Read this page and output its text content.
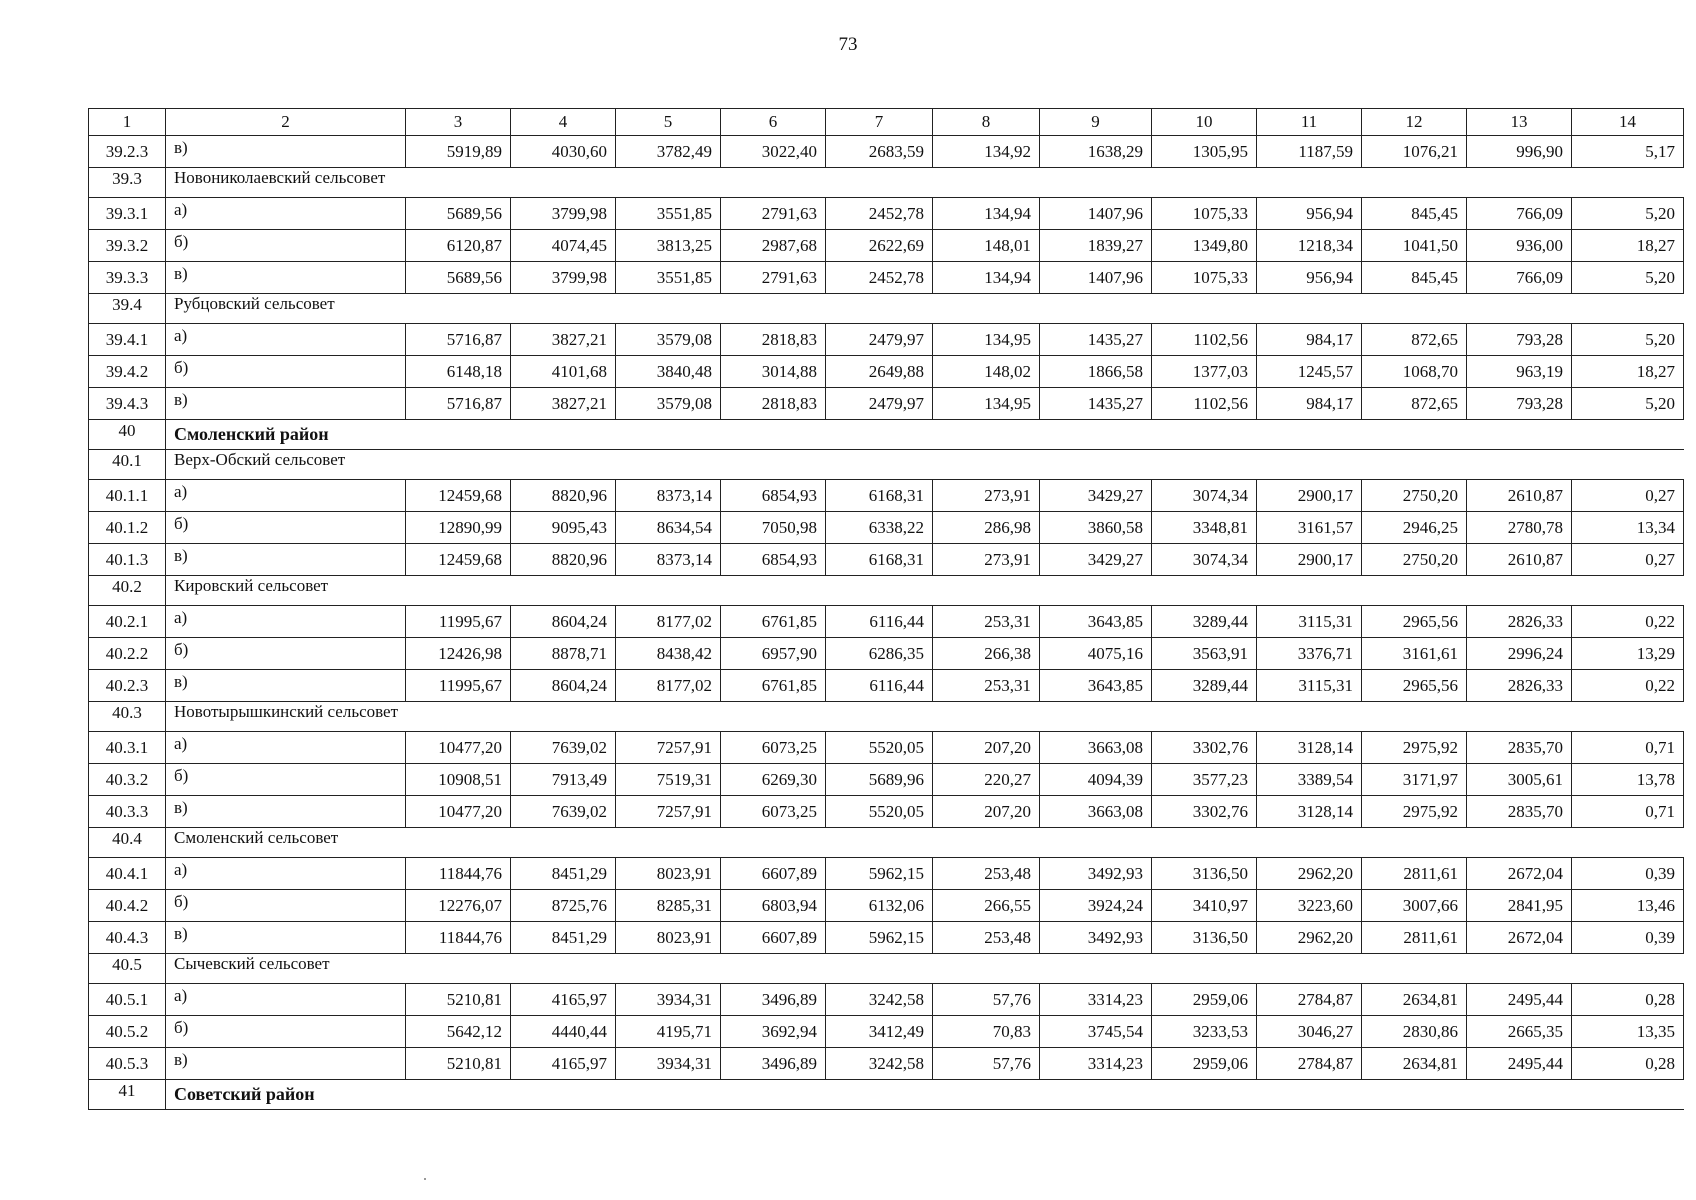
73
1	2	3	4	5	6	7	8	9	10	11	12	13	14
39.2.3	в)	5919,89	4030,60	3782,49	3022,40	2683,59	134,92	1638,29	1305,95	1187,59	1076,21	996,90	5,17
39.3	Новониколаевский сельсовет												
39.3.1	а)	5689,56	3799,98	3551,85	2791,63	2452,78	134,94	1407,96	1075,33	956,94	845,45	766,09	5,20
39.3.2	б)	6120,87	4074,45	3813,25	2987,68	2622,69	148,01	1839,27	1349,80	1218,34	1041,50	936,00	18,27
39.3.3	в)	5689,56	3799,98	3551,85	2791,63	2452,78	134,94	1407,96	1075,33	956,94	845,45	766,09	5,20
39.4	Рубцовский сельсовет												
39.4.1	а)	5716,87	3827,21	3579,08	2818,83	2479,97	134,95	1435,27	1102,56	984,17	872,65	793,28	5,20
39.4.2	б)	6148,18	4101,68	3840,48	3014,88	2649,88	148,02	1866,58	1377,03	1245,57	1068,70	963,19	18,27
39.4.3	в)	5716,87	3827,21	3579,08	2818,83	2479,97	134,95	1435,27	1102,56	984,17	872,65	793,28	5,20
40	Смоленский район												
40.1	Верх-Обский сельсовет												
40.1.1	а)	12459,68	8820,96	8373,14	6854,93	6168,31	273,91	3429,27	3074,34	2900,17	2750,20	2610,87	0,27
40.1.2	б)	12890,99	9095,43	8634,54	7050,98	6338,22	286,98	3860,58	3348,81	3161,57	2946,25	2780,78	13,34
40.1.3	в)	12459,68	8820,96	8373,14	6854,93	6168,31	273,91	3429,27	3074,34	2900,17	2750,20	2610,87	0,27
40.2	Кировский сельсовет												
40.2.1	а)	11995,67	8604,24	8177,02	6761,85	6116,44	253,31	3643,85	3289,44	3115,31	2965,56	2826,33	0,22
40.2.2	б)	12426,98	8878,71	8438,42	6957,90	6286,35	266,38	4075,16	3563,91	3376,71	3161,61	2996,24	13,29
40.2.3	в)	11995,67	8604,24	8177,02	6761,85	6116,44	253,31	3643,85	3289,44	3115,31	2965,56	2826,33	0,22
40.3	Новотырышкинский сельсовет												
40.3.1	а)	10477,20	7639,02	7257,91	6073,25	5520,05	207,20	3663,08	3302,76	3128,14	2975,92	2835,70	0,71
40.3.2	б)	10908,51	7913,49	7519,31	6269,30	5689,96	220,27	4094,39	3577,23	3389,54	3171,97	3005,61	13,78
40.3.3	в)	10477,20	7639,02	7257,91	6073,25	5520,05	207,20	3663,08	3302,76	3128,14	2975,92	2835,70	0,71
40.4	Смоленский сельсовет												
40.4.1	а)	11844,76	8451,29	8023,91	6607,89	5962,15	253,48	3492,93	3136,50	2962,20	2811,61	2672,04	0,39
40.4.2	б)	12276,07	8725,76	8285,31	6803,94	6132,06	266,55	3924,24	3410,97	3223,60	3007,66	2841,95	13,46
40.4.3	в)	11844,76	8451,29	8023,91	6607,89	5962,15	253,48	3492,93	3136,50	2962,20	2811,61	2672,04	0,39
40.5	Сычевский сельсовет												
40.5.1	а)	5210,81	4165,97	3934,31	3496,89	3242,58	57,76	3314,23	2959,06	2784,87	2634,81	2495,44	0,28
40.5.2	б)	5642,12	4440,44	4195,71	3692,94	3412,49	70,83	3745,54	3233,53	3046,27	2830,86	2665,35	13,35
40.5.3	в)	5210,81	4165,97	3934,31	3496,89	3242,58	57,76	3314,23	2959,06	2784,87	2634,81	2495,44	0,28
41	Советский район												
